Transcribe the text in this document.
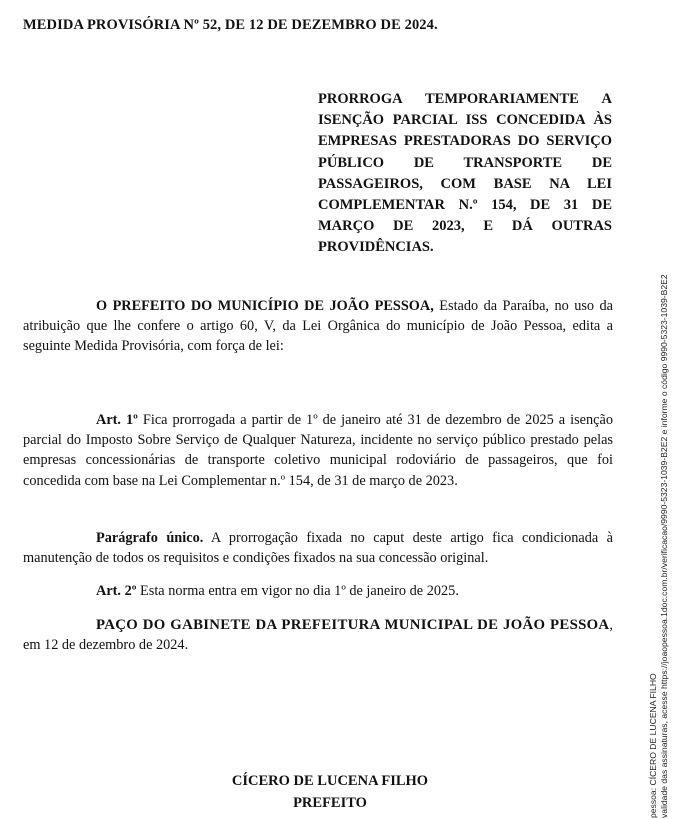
MEDIDA PROVISÓRIA Nº 52, DE 12 DE DEZEMBRO DE 2024.
PRORROGA TEMPORARIAMENTE A ISENÇÃO PARCIAL ISS CONCEDIDA ÀS EMPRESAS PRESTADORAS DO SERVIÇO PÚBLICO DE TRANSPORTE DE PASSAGEIROS, COM BASE NA LEI COMPLEMENTAR N.º 154, DE 31 DE MARÇO DE 2023, E DÁ OUTRAS PROVIDÊNCIAS.

O PREFEITO DO MUNICÍPIO DE JOÃO PESSOA, Estado da Paraíba, no uso da atribuição que lhe confere o artigo 60, V, da Lei Orgânica do município de João Pessoa, edita a seguinte Medida Provisória, com força de lei:

Art. 1º Fica prorrogada a partir de 1º de janeiro até 31 de dezembro de 2025 a isenção parcial do Imposto Sobre Serviço de Qualquer Natureza, incidente no serviço público prestado pelas empresas concessionárias de transporte coletivo municipal rodoviário de passageiros, que foi concedida com base na Lei Complementar n.º 154, de 31 de março de 2023.

Parágrafo único. A prorrogação fixada no caput deste artigo fica condicionada à manutenção de todos os requisitos e condições fixados na sua concessão original.

Art. 2º Esta norma entra em vigor no dia 1º de janeiro de 2025.

PAÇO DO GABINETE DA PREFEITURA MUNICIPAL DE JOÃO PESSOA, em 12 de dezembro de 2024.

CÍCERO DE LUCENA FILHO
PREFEITO	pessoa: CÍCERO DE LUCENA FILHO validade das assinaturas, acesse https://joaopessoa.1doc.com.br/verificacao/9990-5323-1039-B2E2 e informe o código 9990-5323-1039-B2E2
